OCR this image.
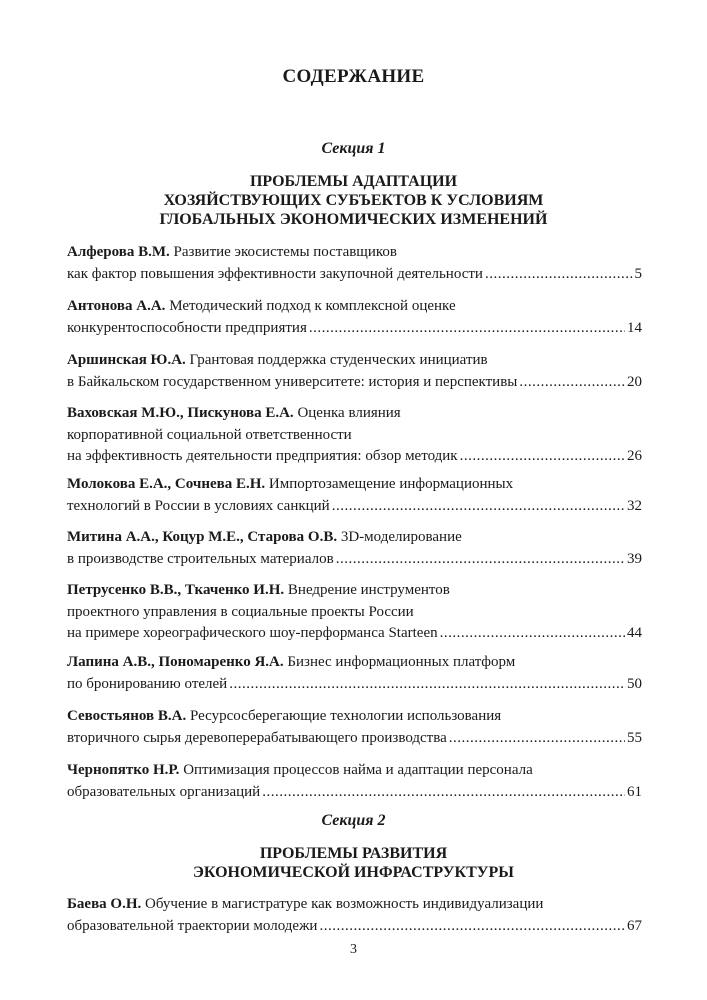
СОДЕРЖАНИЕ
Секция 1
ПРОБЛЕМЫ АДАПТАЦИИ
ХОЗЯЙСТВУЮЩИХ СУБЪЕКТОВ К УСЛОВИЯМ
ГЛОБАЛЬНЫХ ЭКОНОМИЧЕСКИХ ИЗМЕНЕНИЙ
Алферова В.М. Развитие экосистемы поставщиков
как фактор повышения эффективности закупочной деятельности .....	5
Антонова А.А. Методический подход к комплексной оценке
конкурентоспособности предприятия .....	14
Аршинская Ю.А. Грантовая поддержка студенческих инициатив
в Байкальском государственном университете: история и перспективы .....	20
Ваховская М.Ю., Пискунова Е.А. Оценка влияния
корпоративной социальной ответственности
на эффективность деятельности предприятия: обзор методик .....	26
Молокова Е.А., Сочнева Е.Н. Импортозамещение информационных
технологий в России в условиях санкций .....	32
Митина А.А., Коцур М.Е., Старова О.В. 3D-моделирование
в производстве строительных материалов .....	39
Петрусенко В.В., Ткаченко И.Н. Внедрение инструментов
проектного управления в социальные проекты России
на примере хореографического шоу-перформанса Starteen .....	44
Лапина А.В., Пономаренко Я.А. Бизнес информационных платформ
по бронированию отелей .....	50
Севостьянов В.А. Ресурсосберегающие технологии использования
вторичного сырья деревоперерабатывающего производства .....	55
Чернопятко Н.Р. Оптимизация процессов найма и адаптации персонала
образовательных организаций .....	61
Секция 2
ПРОБЛЕМЫ РАЗВИТИЯ
ЭКОНОМИЧЕСКОЙ ИНФРАСТРУКТУРЫ
Баева О.Н. Обучение в магистратуре как возможность индивидуализации
образовательной траектории молодежи .....	67
3
